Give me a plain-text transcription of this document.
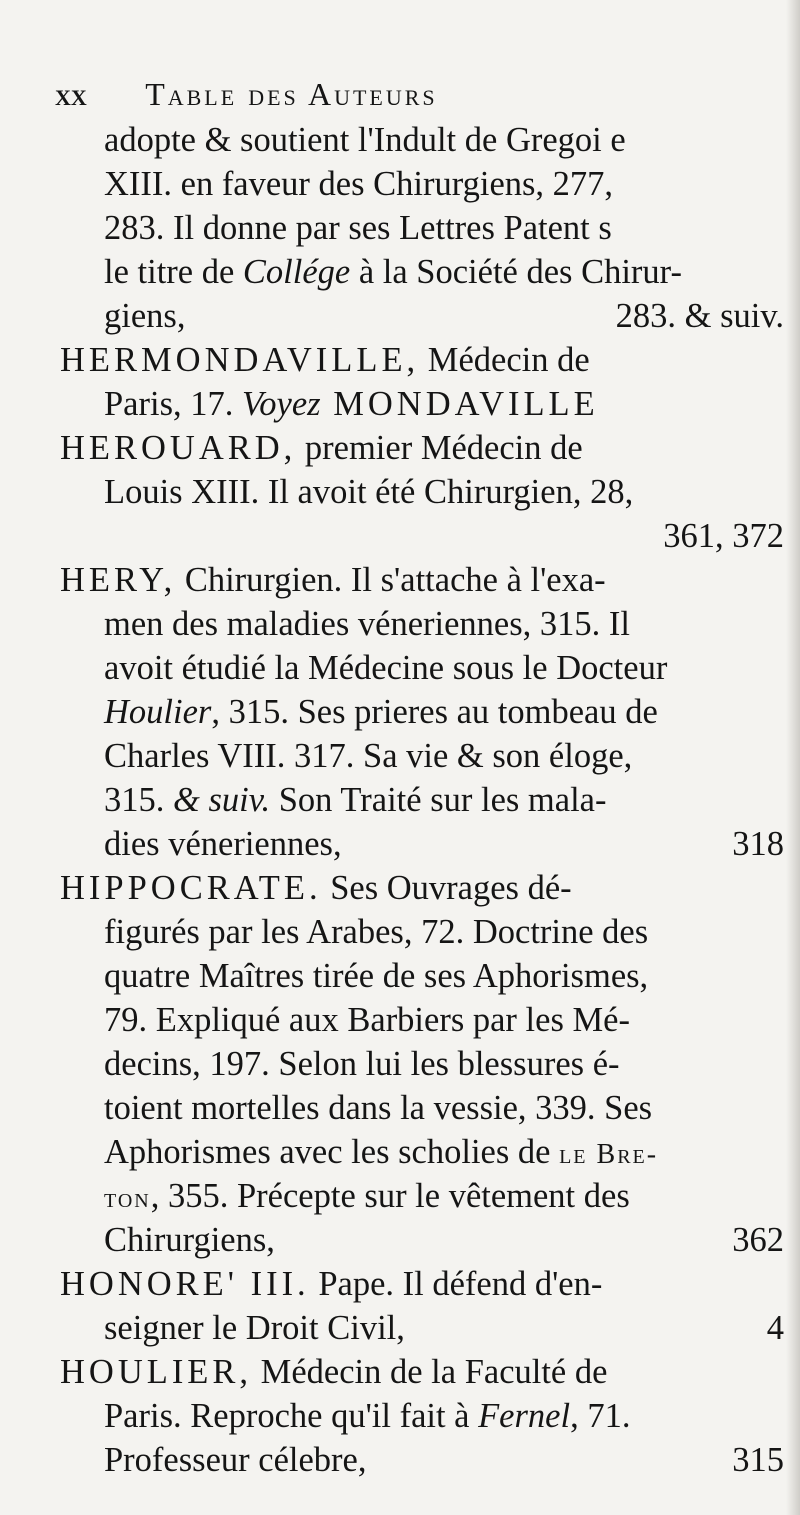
xx Table des Auteurs
adopte & soutient l'Indult de Gregoi e
XIII. en faveur des Chirurgiens, 277,
283. Il donne par ses Lettres Patent s
le titre de Collége à la Société des Chirur-
giens,	283. & suiv.
HERMONDAVILLE, Médecin de
Paris, 17. Voyez MONDAVILLE
HEROUARD, premier Médecin de
Louis XIII. Il avoit été Chirurgien, 28,
361, 372
HERY, Chirurgien. Il s'attache à l'exa-
men des maladies véneriennes, 315. Il
avoit étudié la Médecine sous le Docteur
Houlier, 315. Ses prieres au tombeau de
Charles VIII. 317. Sa vie & son éloge,
315. & suiv. Son Traité sur les mala-
dies véneriennes,	318
HIPPOCRATE. Ses Ouvrages dé-
figurés par les Arabes, 72. Doctrine des
quatre Maîtres tirée de ses Aphorismes,
79. Expliqué aux Barbiers par les Mé-
decins, 197. Selon lui les blessures é-
toient mortelles dans la vessie, 339. Ses
Aphorismes avec les scholies de le Bre-
ton, 355. Précepte sur le vêtement des
Chirurgiens,	362
HONORE' III. Pape. Il défend d'en-
seigner le Droit Civil,	4
HOULIER, Médecin de la Faculté de
Paris. Reproche qu'il fait à Fernel, 71.
Professeur célebre,	315
